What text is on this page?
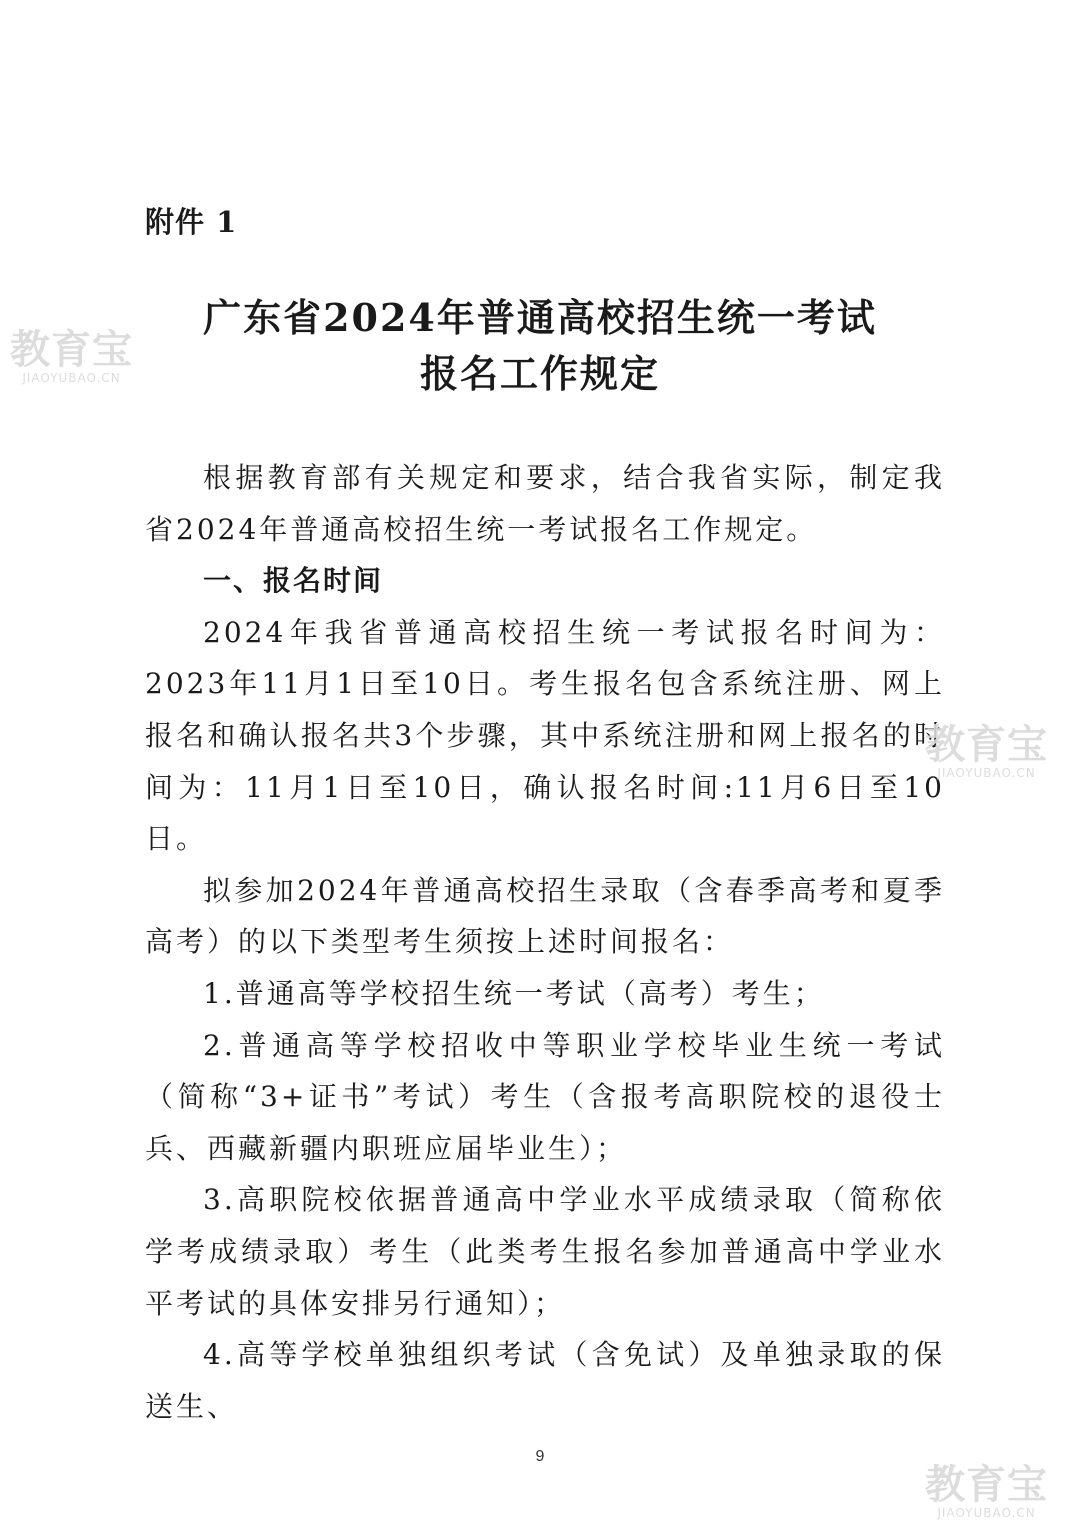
附件 1

广东省2024年普通高校招生统一考试
报名工作规定

根据教育部有关规定和要求，结合我省实际，制定我省2024年普通高校招生统一考试报名工作规定。

一、报名时间

2024年我省普通高校招生统一考试报名时间为：2023年11月1日至10日。考生报名包含系统注册、网上报名和确认报名共3个步骤，其中系统注册和网上报名的时间为：11月1日至10日，确认报名时间:11月6日至10日。

拟参加2024年普通高校招生录取（含春季高考和夏季高考）的以下类型考生须按上述时间报名：

1.普通高等学校招生统一考试（高考）考生；

2.普通高等学校招收中等职业学校毕业生统一考试（简称“3+证书”考试）考生（含报考高职院校的退役士兵、西藏新疆内职班应届毕业生）；

3.高职院校依据普通高中学业水平成绩录取（简称依学考成绩录取）考生（此类考生报名参加普通高中学业水平考试的具体安排另行通知）；

4.高等学校单独组织考试（含免试）及单独录取的保送生、

9
教育宝
JIAOYUBAO.CN
教育宝
JIAOYUBAO.CN
教育宝
JIAOYUBAO.CN
